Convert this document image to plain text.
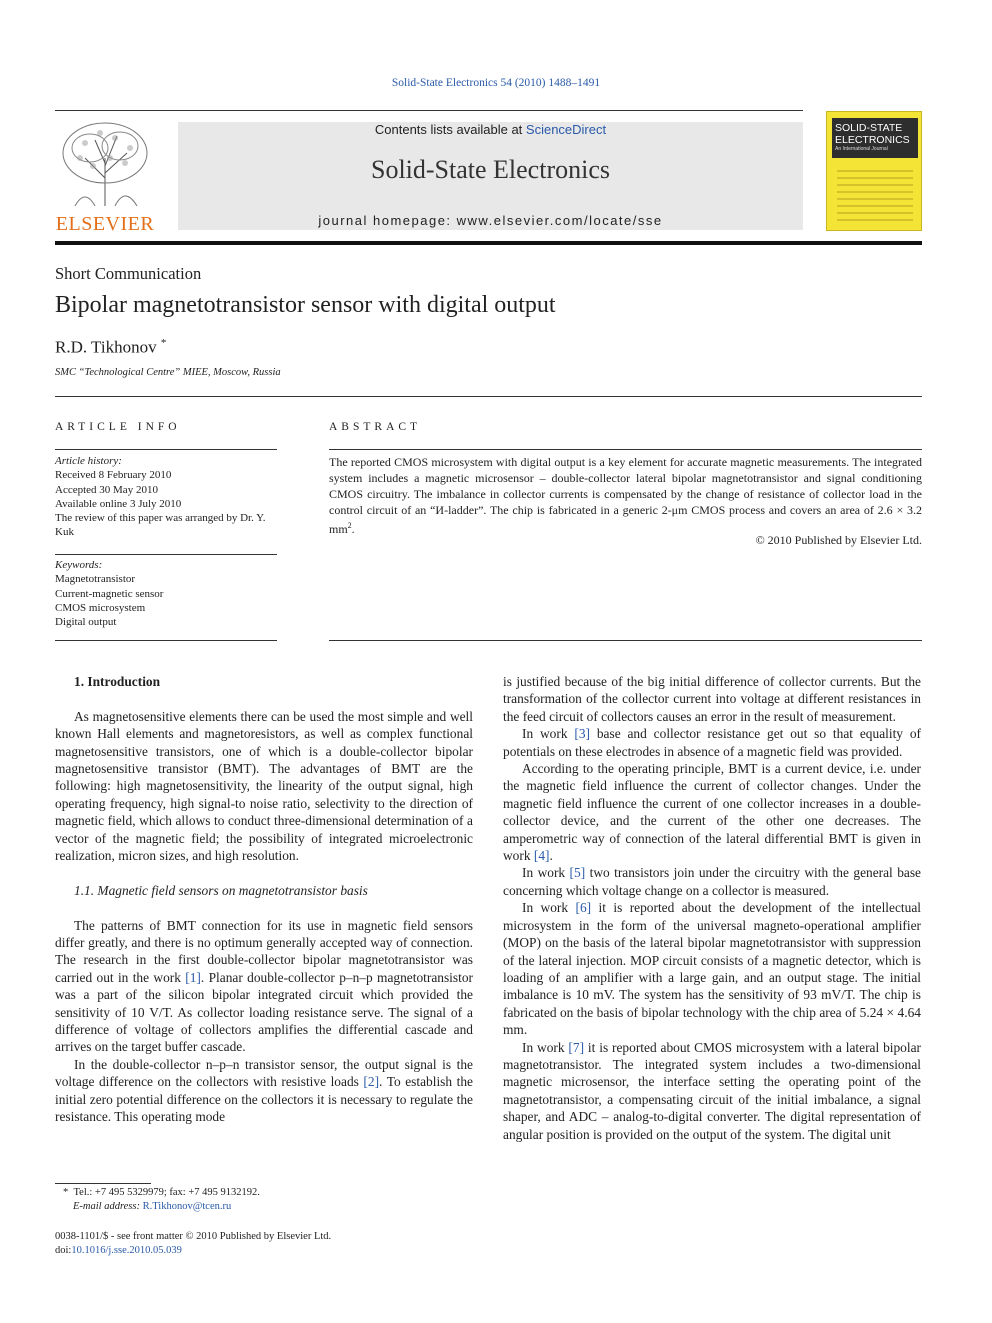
Solid-State Electronics 54 (2010) 1488–1491
ELSEVIER
Contents lists available at ScienceDirect
Solid-State Electronics
journal homepage: www.elsevier.com/locate/sse
SOLID-STATE
ELECTRONICS
An International Journal
Short Communication
Bipolar magnetotransistor sensor with digital output
R.D. Tikhonov *
SMC “Technological Centre” MIEE, Moscow, Russia
ARTICLE INFO	ABSTRACT
Article history:
Received 8 February 2010
Accepted 30 May 2010
Available online 3 July 2010
The review of this paper was arranged by Dr. Y. Kuk
Keywords:
Magnetotransistor
Current-magnetic sensor
CMOS microsystem
Digital output
The reported CMOS microsystem with digital output is a key element for accurate magnetic measurements. The integrated system includes a magnetic microsensor – double-collector lateral bipolar magnetotransistor and signal conditioning CMOS circuitry. The imbalance in collector currents is compensated by the change of resistance of collector load in the control circuit of an “И-ladder”. The chip is fabricated in a generic 2-μm CMOS process and covers an area of 2.6 × 3.2 $mm^2$.
© 2010 Published by Elsevier Ltd.

1. Introduction

As magnetosensitive elements there can be used the most simple and well known Hall elements and magnetoresistors, as well as complex functional magnetosensitive transistors, one of which is a double-collector bipolar magnetosensitive transistor (BMT). The advantages of BMT are the following: high magnetosensitivity, the linearity of the output signal, high operating frequency, high signal-to noise ratio, selectivity to the direction of magnetic field, which allows to conduct three-dimensional determination of a vector of the magnetic field; the possibility of integrated microelectronic realization, micron sizes, and high resolution.

1.1. Magnetic field sensors on magnetotransistor basis

The patterns of BMT connection for its use in magnetic field sensors differ greatly, and there is no optimum generally accepted way of connection. The research in the first double-collector bipolar magnetotransistor was carried out in the work [1]. Planar double-collector p–n–p magnetotransistor was a part of the silicon bipolar integrated circuit which provided the sensitivity of 10 V/T. As collector loading resistance serve. The signal of a difference of voltage of collectors amplifies the differential cascade and arrives on the target buffer cascade.

In the double-collector n–p–n transistor sensor, the output signal is the voltage difference on the collectors with resistive loads [2]. To establish the initial zero potential difference on the collectors it is necessary to regulate the resistance. This operating mode

is justified because of the big initial difference of collector currents. But the transformation of the collector current into voltage at different resistances in the feed circuit of collectors causes an error in the result of measurement.

In work [3] base and collector resistance get out so that equality of potentials on these electrodes in absence of a magnetic field was provided.

According to the operating principle, BMT is a current device, i.e. under the magnetic field influence the current of collector changes. Under the magnetic field influence the current of one collector increases in a double-collector device, and the current of the other one decreases. The amperometric way of connection of the lateral differential BMT is given in work [4].

In work [5] two transistors join under the circuitry with the general base concerning which voltage change on a collector is measured.

In work [6] it is reported about the development of the intellectual microsystem in the form of the universal magneto-operational amplifier (MOP) on the basis of the lateral bipolar magnetotransistor with suppression of the lateral injection. MOP circuit consists of a magnetic detector, which is loading of an amplifier with a large gain, and an output stage. The initial imbalance is 10 mV. The system has the sensitivity of 93 mV/T. The chip is fabricated on the basis of bipolar technology with the chip area of 5.24 × 4.64 mm.

In work [7] it is reported about CMOS microsystem with a lateral bipolar magnetotransistor. The integrated system includes a two-dimensional magnetic microsensor, the interface setting the operating point of the magnetotransistor, a compensating circuit of the initial imbalance, a signal shaper, and ADC – analog-to-digital converter. The digital representation of angular position is provided on the output of the system. The digital unit

* Tel.: +7 495 5329979; fax: +7 495 9132192.
E-mail address: R.Tikhonov@tcen.ru
0038-1101/$ - see front matter © 2010 Published by Elsevier Ltd.
doi:10.1016/j.sse.2010.05.039
